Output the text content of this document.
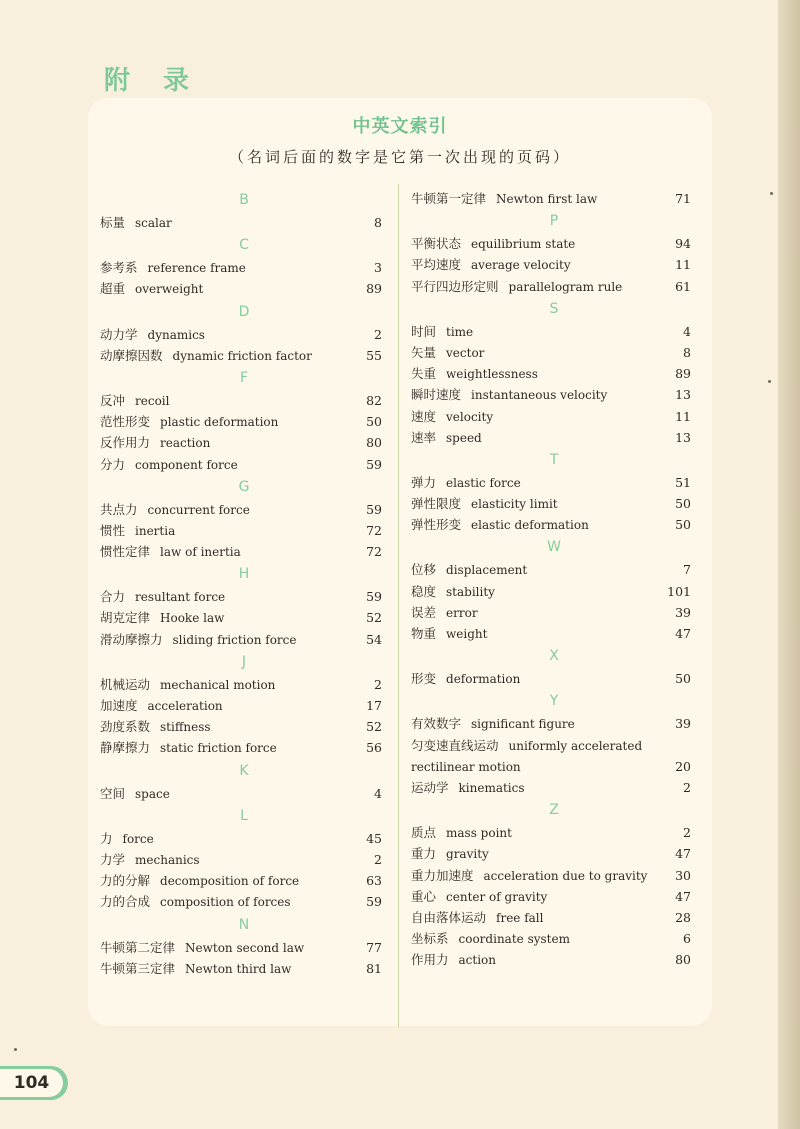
附 录
中英文索引
（名词后面的数字是它第一次出现的页码）
B
标量 scalar	8
C
参考系 reference frame	3
超重 overweight	89
D
动力学 dynamics	2
动摩擦因数 dynamic friction factor	55
F
反冲 recoil	82
范性形变 plastic deformation	50
反作用力 reaction	80
分力 component force	59
G
共点力 concurrent force	59
惯性 inertia	72
惯性定律 law of inertia	72
H
合力 resultant force	59
胡克定律 Hooke law	52
滑动摩擦力 sliding friction force	54
J
机械运动 mechanical motion	2
加速度 acceleration	17
劲度系数 stiffness	52
静摩擦力 static friction force	56
K
空间 space	4
L
力 force	45
力学 mechanics	2
力的分解 decomposition of force	63
力的合成 composition of forces	59
N
牛顿第二定律 Newton second law	77
牛顿第三定律 Newton third law	81
牛顿第一定律 Newton first law	71
P
平衡状态 equilibrium state	94
平均速度 average velocity	11
平行四边形定则 parallelogram rule	61
S
时间 time	4
矢量 vector	8
失重 weightlessness	89
瞬时速度 instantaneous velocity	13
速度 velocity	11
速率 speed	13
T
弹力 elastic force	51
弹性限度 elasticity limit	50
弹性形变 elastic deformation	50
W
位移 displacement	7
稳度 stability	101
误差 error	39
物重 weight	47
X
形变 deformation	50
Y
有效数字 significant figure	39
匀变速直线运动 uniformly accelerated
rectilinear motion	20
运动学 kinematics	2
Z
质点 mass point	2
重力 gravity	47
重力加速度 acceleration due to gravity 30
重心 center of gravity	47
自由落体运动 free fall	28
坐标系 coordinate system	6
作用力 action	80
104
